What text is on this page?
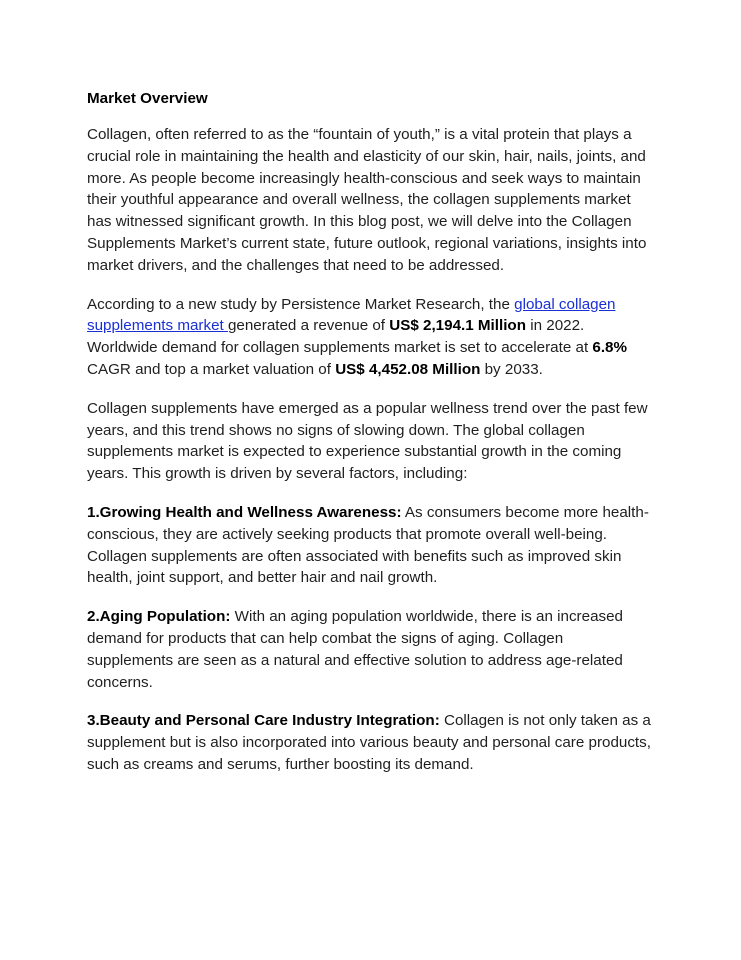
Market Overview

Collagen, often referred to as the “fountain of youth,” is a vital protein that plays a crucial role in maintaining the health and elasticity of our skin, hair, nails, joints, and more. As people become increasingly health-conscious and seek ways to maintain their youthful appearance and overall wellness, the collagen supplements market has witnessed significant growth. In this blog post, we will delve into the Collagen Supplements Market’s current state, future outlook, regional variations, insights into market drivers, and the challenges that need to be addressed.

According to a new study by Persistence Market Research, the global collagen supplements market generated a revenue of US$ 2,194.1 Million in 2022. Worldwide demand for collagen supplements market is set to accelerate at 6.8% CAGR and top a market valuation of US$ 4,452.08 Million by 2033.

Collagen supplements have emerged as a popular wellness trend over the past few years, and this trend shows no signs of slowing down. The global collagen supplements market is expected to experience substantial growth in the coming years. This growth is driven by several factors, including:

1.Growing Health and Wellness Awareness: As consumers become more health-conscious, they are actively seeking products that promote overall well-being. Collagen supplements are often associated with benefits such as improved skin health, joint support, and better hair and nail growth.

2.Aging Population: With an aging population worldwide, there is an increased demand for products that can help combat the signs of aging. Collagen supplements are seen as a natural and effective solution to address age-related concerns.

3.Beauty and Personal Care Industry Integration: Collagen is not only taken as a supplement but is also incorporated into various beauty and personal care products, such as creams and serums, further boosting its demand.
